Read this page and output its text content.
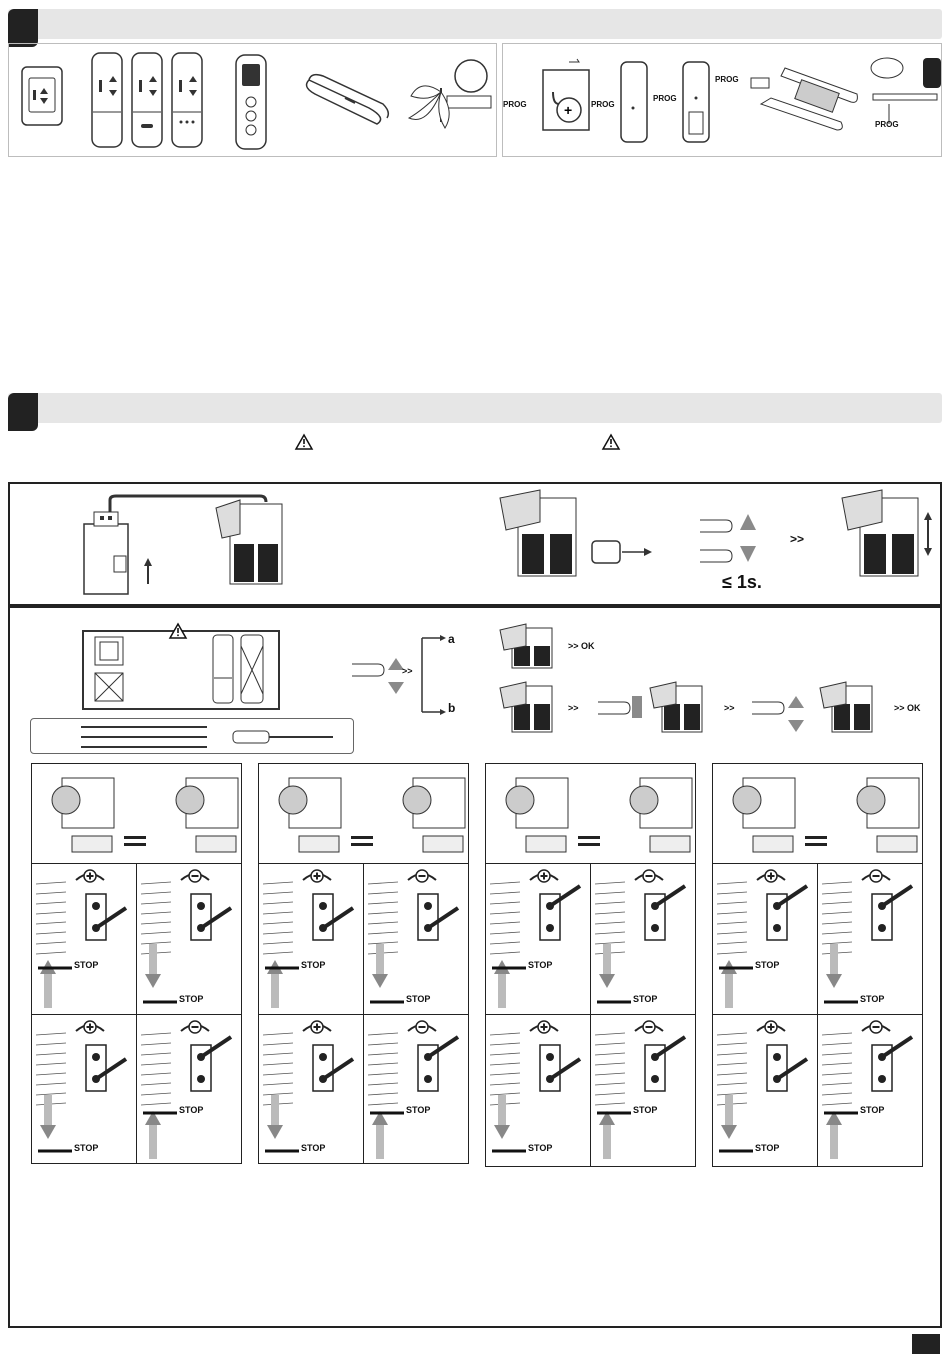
+
PROG	PROG
PROG
PROG
PROG
>>
≤ 1s.
>>
a
b
>> OK
>>	>>	>> OK
STOP
STOP
STOP
STOP
STOP
STOP
STOP
STOP
STOP
STOP
STOP
STOP
STOP
STOP
STOP
STOP
